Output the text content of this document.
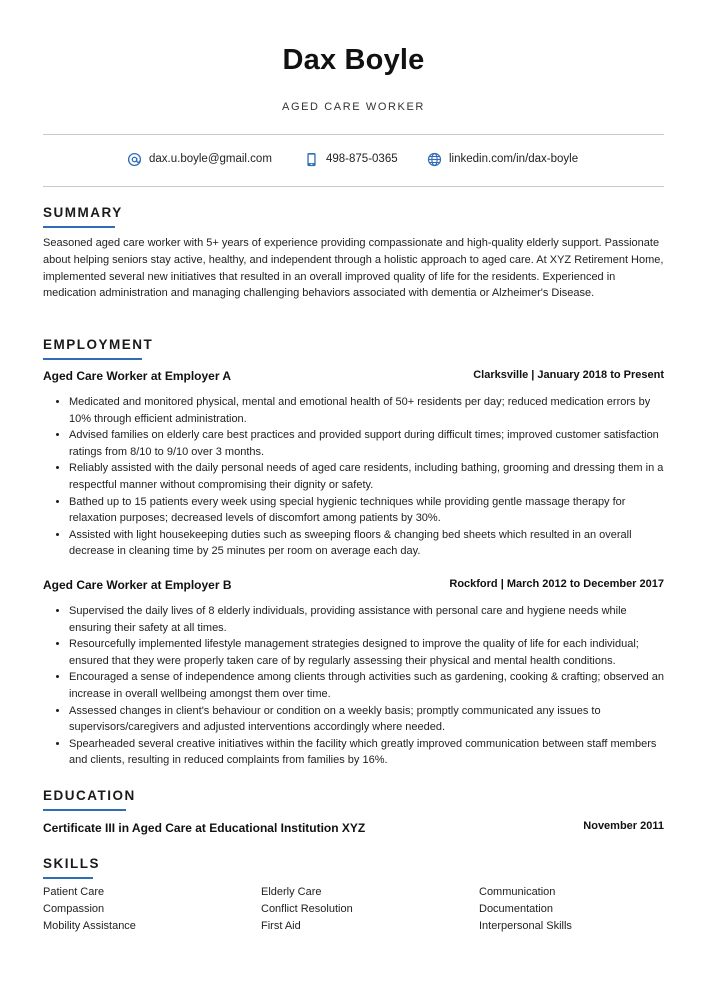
Dax Boyle
AGED CARE WORKER
dax.u.boyle@gmail.com	498-875-0365	linkedin.com/in/dax-boyle
SUMMARY
Seasoned aged care worker with 5+ years of experience providing compassionate and high-quality elderly support. Passionate about helping seniors stay active, healthy, and independent through a holistic approach to aged care. At XYZ Retirement Home, implemented several new initiatives that resulted in an overall improved quality of life for the residents. Experienced in medication administration and managing challenging behaviors associated with dementia or Alzheimer's Disease.
EMPLOYMENT
Aged Care Worker at Employer A	Clarksville | January 2018 to Present
• Medicated and monitored physical, mental and emotional health of 50+ residents per day; reduced medication errors by 10% through efficient administration.
• Advised families on elderly care best practices and provided support during difficult times; improved customer satisfaction ratings from 8/10 to 9/10 over 3 months.
• Reliably assisted with the daily personal needs of aged care residents, including bathing, grooming and dressing them in a respectful manner without compromising their dignity or safety.
• Bathed up to 15 patients every week using special hygienic techniques while providing gentle massage therapy for relaxation purposes; decreased levels of discomfort among patients by 30%.
• Assisted with light housekeeping duties such as sweeping floors & changing bed sheets which resulted in an overall decrease in cleaning time by 25 minutes per room on average each day.
Aged Care Worker at Employer B	Rockford | March 2012 to December 2017
• Supervised the daily lives of 8 elderly individuals, providing assistance with personal care and hygiene needs while ensuring their safety at all times.
• Resourcefully implemented lifestyle management strategies designed to improve the quality of life for each individual; ensured that they were properly taken care of by regularly assessing their physical and mental health conditions.
• Encouraged a sense of independence among clients through activities such as gardening, cooking & crafting; observed an increase in overall wellbeing amongst them over time.
• Assessed changes in client's behaviour or condition on a weekly basis; promptly communicated any issues to supervisors/caregivers and adjusted interventions accordingly where needed.
• Spearheaded several creative initiatives within the facility which greatly improved communication between staff members and clients, resulting in reduced complaints from families by 16%.
EDUCATION
Certificate III in Aged Care at Educational Institution XYZ	November 2011
SKILLS
Patient Care	Elderly Care	Communication
Compassion	Conflict Resolution	Documentation
Mobility Assistance	First Aid	Interpersonal Skills
